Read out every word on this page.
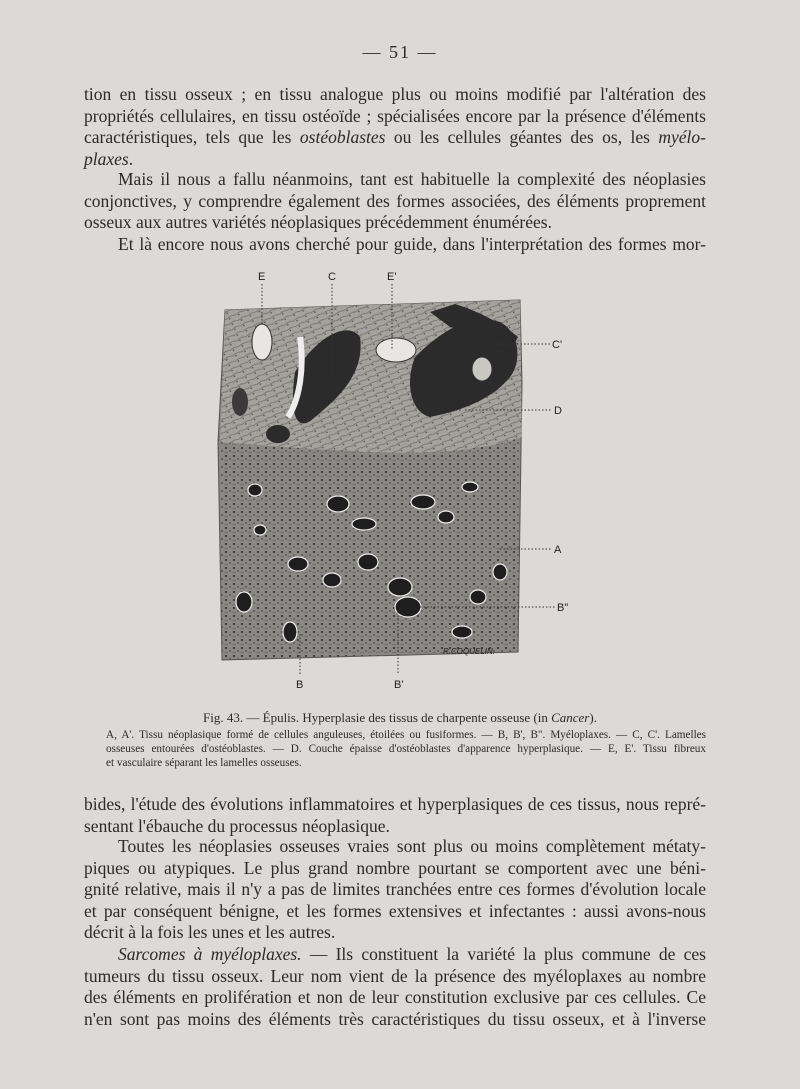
— 51 —

tion en tissu osseux ; en tissu analogue plus ou moins modifié par l'altération des
propriétés cellulaires, en tissu ostéoïde ; spécialisées encore par la présence d'éléments
caractéristiques, tels que les ostéoblastes ou les cellules géantes des os, les myélo-
plaxes.

Mais il nous a fallu néanmoins, tant est habituelle la complexité des néoplasies
conjonctives, y comprendre également des formes associées, des éléments proprement
osseux aux autres variétés néoplasiques précédemment énumérées.

Et là encore nous avons cherché pour guide, dans l'interprétation des formes mor-

E	C	E'
C'
D
A
B"
B	B'
R.COQUELIN.
Fig. 43. — Épulis. Hyperplasie des tissus de charpente osseuse (in Cancer).
A, A'. Tissu néoplasique formé de cellules anguleuses, étoilées ou fusiformes. — B, B', B". Myéloplaxes. — C, C'. Lamelles
osseuses entourées d'ostéoblastes. — D. Couche épaisse d'ostéoblastes d'apparence hyperplasique. — E, E'. Tissu fibreux
et vasculaire séparant les lamelles osseuses.

bides, l'étude des évolutions inflammatoires et hyperplasiques de ces tissus, nous repré-
sentant l'ébauche du processus néoplasique.

Toutes les néoplasies osseuses vraies sont plus ou moins complètement métaty-
piques ou atypiques. Le plus grand nombre pourtant se comportent avec une béni-
gnité relative, mais il n'y a pas de limites tranchées entre ces formes d'évolution locale
et par conséquent bénigne, et les formes extensives et infectantes : aussi avons-nous
décrit à la fois les unes et les autres.

Sarcomes à myéloplaxes. — Ils constituent la variété la plus commune de ces
tumeurs du tissu osseux. Leur nom vient de la présence des myéloplaxes au nombre
des éléments en prolifération et non de leur constitution exclusive par ces cellules. Ce
n'en sont pas moins des éléments très caractéristiques du tissu osseux, et à l'inverse
